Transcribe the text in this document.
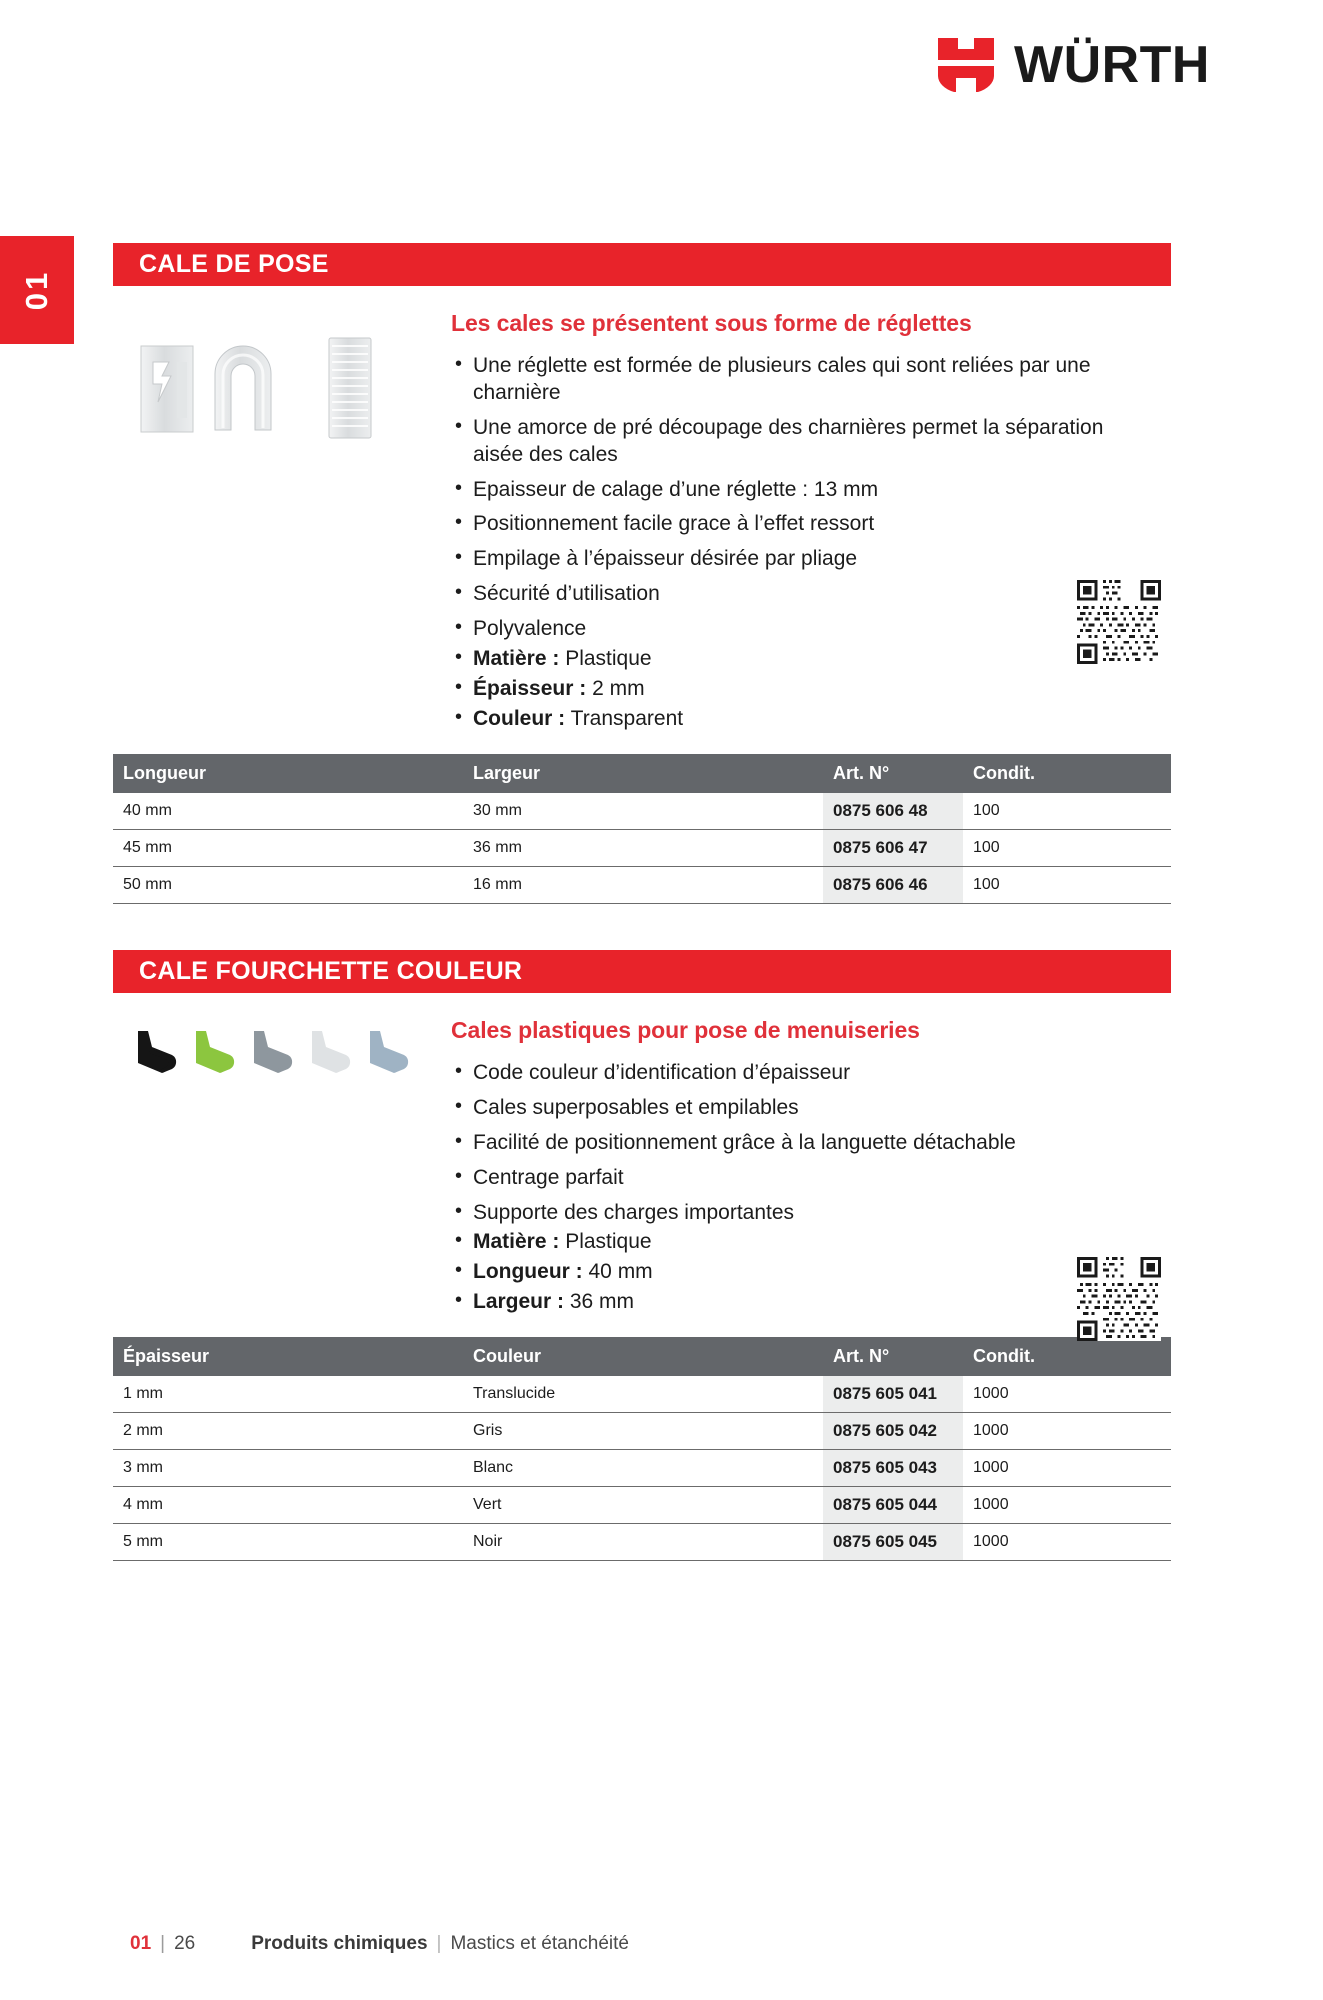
WÜRTH
01
CALE DE POSE
Les cales se présentent sous forme de réglettes
• Une réglette est formée de plusieurs cales qui sont reliées par une charnière
• Une amorce de pré découpage des charnières permet la séparation aisée des cales
• Epaisseur de calage d’une réglette : 13 mm
• Positionnement facile grace à l’effet ressort
• Empilage à l’épaisseur désirée par pliage
• Sécurité d’utilisation
• Polyvalence
• Matière : Plastique
• Épaisseur : 2 mm
• Couleur : Transparent
Longueur	Largeur	Art. N°	Condit.
40 mm	30 mm	0875 606 48	100
45 mm	36 mm	0875 606 47	100
50 mm	16 mm	0875 606 46	100
CALE FOURCHETTE COULEUR
Cales plastiques pour pose de menuiseries
• Code couleur d’identification d’épaisseur
• Cales superposables et empilables
• Facilité de positionnement grâce à la languette détachable
• Centrage parfait
• Supporte des charges importantes
• Matière : Plastique
• Longueur : 40 mm
• Largeur : 36 mm
Épaisseur	Couleur	Art. N°	Condit.
1 mm	Translucide	0875 605 041	1000
2 mm	Gris	0875 605 042	1000
3 mm	Blanc	0875 605 043	1000
4 mm	Vert	0875 605 044	1000
5 mm	Noir	0875 605 045	1000
01 | 26	Produits chimiques | Mastics et étanchéité
